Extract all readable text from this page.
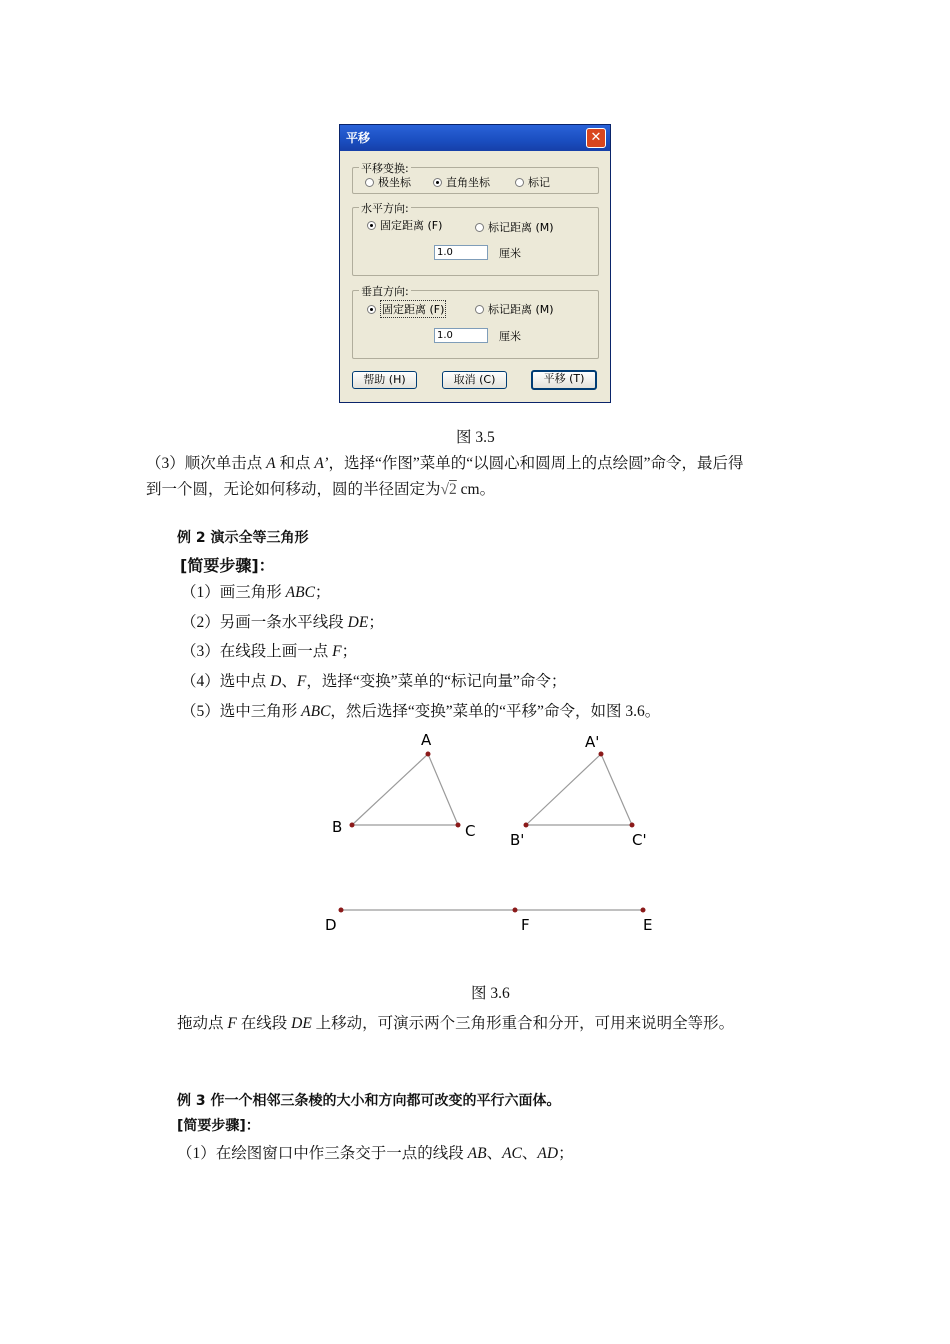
平移	✕
平移变换:
极坐标	直角坐标	标记
水平方向:
固定距离 (F)	标记距离 (M)
1.0	厘米
垂直方向:
固定距离 (F)	标记距离 (M)
1.0	厘米
帮助 (H)	取消 (C)	平移 (T)
图 3.5
（3）顺次单击点 A 和点 A’，选择“作图”菜单的“以圆心和圆周上的点绘圆”命令，最后得
到一个圆，无论如何移动，圆的半径固定为√2 cm。
例 2 演示全等三角形
[简要步骤]：
（1）画三角形 ABC；
（2）另画一条水平线段 DE；
（3）在线段上画一点 F；
（4）选中点 D、F，选择“变换”菜单的“标记向量”命令；
（5）选中三角形 ABC，然后选择“变换”菜单的“平移”命令，如图 3.6。
A
B	C
A'
B'	C'
D	F	E
图 3.6
拖动点 F 在线段 DE 上移动，可演示两个三角形重合和分开，可用来说明全等形。
例 3 作一个相邻三条棱的大小和方向都可改变的平行六面体。
[简要步骤]：
（1）在绘图窗口中作三条交于一点的线段 AB、AC、AD；
